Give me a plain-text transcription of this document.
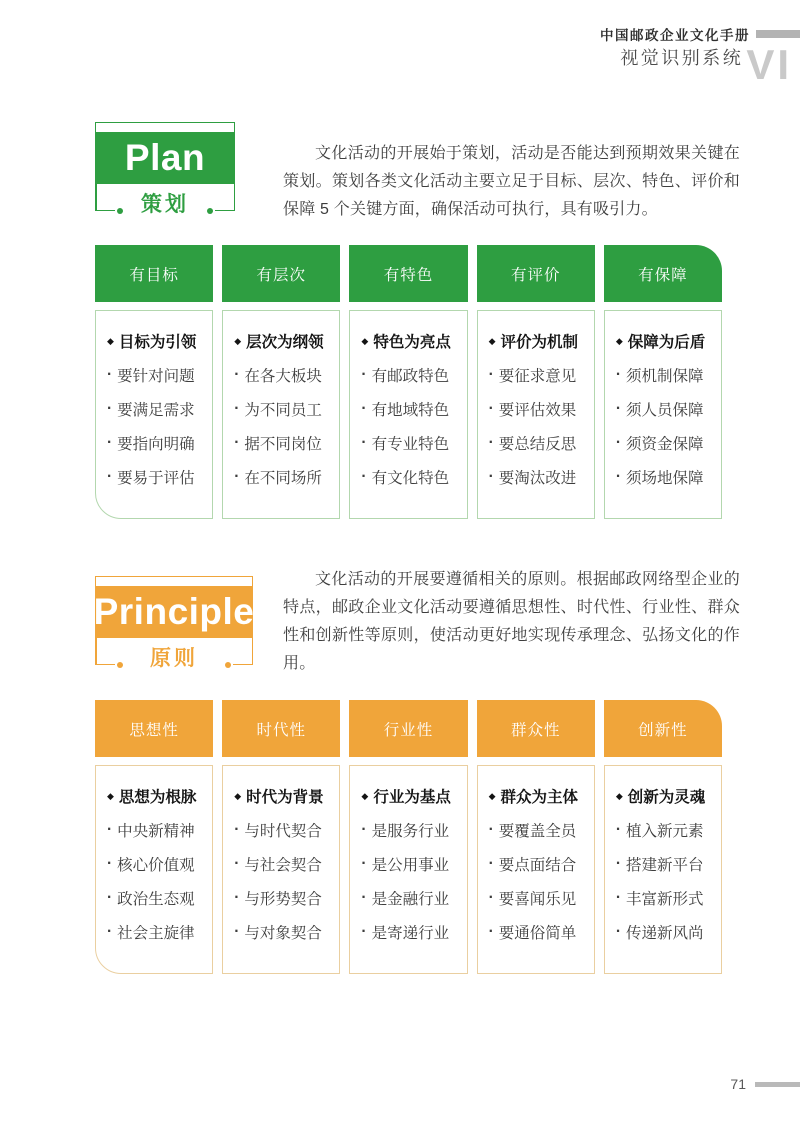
中国邮政企业文化手册
视觉识别系统 VI
Plan
策划

文化活动的开展始于策划，活动是否能达到预期效果关键在策划。策划各类文化活动主要立足于目标、层次、特色、评价和保障 5 个关键方面，确保活动可执行，具有吸引力。

有目标	有层次	有特色	有评价	有保障
◆ 目标为引领
· 要针对问题
· 要满足需求
· 要指向明确
· 要易于评估
◆ 层次为纲领
· 在各大板块
· 为不同员工
· 据不同岗位
· 在不同场所
◆ 特色为亮点
· 有邮政特色
· 有地域特色
· 有专业特色
· 有文化特色
◆ 评价为机制
· 要征求意见
· 要评估效果
· 要总结反思
· 要淘汰改进
◆ 保障为后盾
· 须机制保障
· 须人员保障
· 须资金保障
· 须场地保障
Principle
原则

文化活动的开展要遵循相关的原则。根据邮政网络型企业的特点，邮政企业文化活动要遵循思想性、时代性、行业性、群众性和创新性等原则，使活动更好地实现传承理念、弘扬文化的作用。

思想性	时代性	行业性	群众性	创新性
◆ 思想为根脉
· 中央新精神
· 核心价值观
· 政治生态观
· 社会主旋律
◆ 时代为背景
· 与时代契合
· 与社会契合
· 与形势契合
· 与对象契合
◆ 行业为基点
· 是服务行业
· 是公用事业
· 是金融行业
· 是寄递行业
◆ 群众为主体
· 要覆盖全员
· 要点面结合
· 要喜闻乐见
· 要通俗简单
◆ 创新为灵魂
· 植入新元素
· 搭建新平台
· 丰富新形式
· 传递新风尚
71
